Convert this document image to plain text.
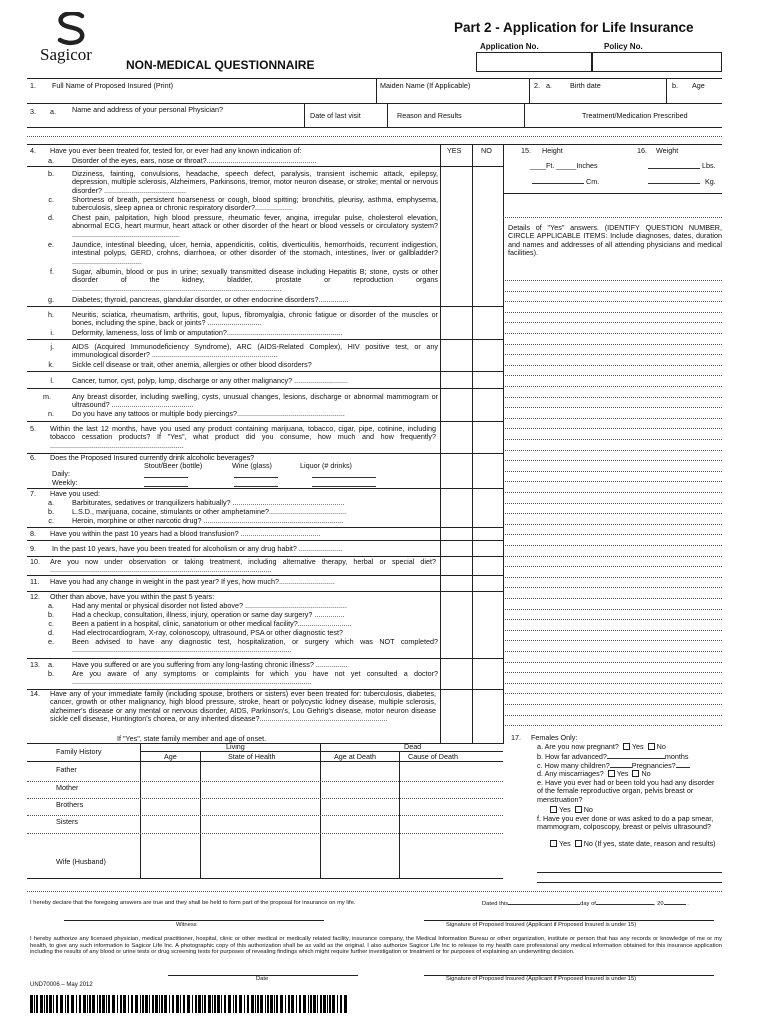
Sagicor
Part 2 - Application for Life Insurance
Application No.	Policy No.
NON-MEDICAL QUESTIONNAIRE
1. Full Name of Proposed Insured (Print)	Maiden Name (If Applicable)	2. a.	Birth date	b. Age
3. a. Name and address of your personal Physician?
Date of last visit	Reason and Results	Treatment/Medication Prescribed
YES	NO
4. Have you ever been treated for, tested for, or ever had any known indication of:
a.	Disorder of the eyes, ears, nose or throat?.......................................................
b.	Dizziness, fainting, convulsions, headache, speech defect, paralysis, transient ischemic attack, epilepsy, depression, multiple sclerosis, Alzheimers, Parkinsons, tremor, motor neuron disease, or stroke; mental or nervous disorder? .........................................
c.	Shortness of breath, persistent hoarseness or cough, blood spitting; bronchitis, pleurisy, asthma, emphysema, tuberculosis, sleep apnea or chronic respiratory disorder?...................
d.	Chest pain, palpitation, high blood pressure, rheumatic fever, angina, irregular pulse, cholesterol elevation, abnormal ECG, heart murmur, heart attack or other disorder of the heart or blood vessels or circulatory system? ......................................................
e.	Jaundice, intestinal bleeding, ulcer, hernia, appendicitis, colitis, diverticulitis, hemorrhoids, recurrent indigestion, intestinal polyps, GERD, crohns, diarrhoea, or other disorder of the stomach, intestines, liver or gallbladder? ...................................
f.	Sugar, albumin, blood or pus in urine; sexually transmitted disease including Hepatitis B; stone, cysts or other disorder of the kidney, bladder, prostate or reproduction organs .........................................................................................................
g.	Diabetes; thyroid, pancreas, glandular disorder, or other endocrine disorders?...............
h.	Neuritis, sciatica, rheumatism, arthritis, gout, lupus, fibromyalgia, chronic fatigue or disorder of the muscles or bones, including the spine, back or joints? ...........................
i.	Deformity, lameness, loss of limb or amputation?..........................................................
j.	AIDS (Acquired Immunodeficiency Syndrome), ARC (AIDS-Related Complex), HIV positive test, or any immunological disorder? ...............................................................
k.	Sickle cell disease or trait, other anemia, allergies or other blood disorders?
l.	Cancer, tumor, cyst, polyp, lump, discharge or any other malignancy? ...........................
m.	Any breast disorder, including swelling, cysts, unusual changes, lesions, discharge or abnormal mammogram or ultrasound? .........................................
n.	Do you have any tattoos or multiple body piercings?......................................................
15. Height	16. Weight
____Ft. _____Inches	Lbs.
Cm.	Kg.
Details of "Yes" answers. (IDENTIFY QUESTION NUMBER, CIRCLE APPLICABLE ITEMS: Include diagnoses, dates, duration and names and addresses of all attending physicians and medical facilities).
5. Within the last 12 months, have you used any product containing marijuana, tobacco, cigar, pipe, cotinine, including tobacco cessation products? If "Yes", what product did you consume, how much and how frequently? ...................................................................
6. Does the Proposed Insured currently drink alcoholic beverages?
7. Have you used:
a.	Barbiturates, sedatives or tranquilizers habitually? ........................................................
b.	L.S.D., marijuana, cocaine, stimulants or other amphetamine?.......................................
c.	Heroin, morphine or other narcotic drug? ......................................................................
8. Have you within the past 10 years had a blood transfusion? ........................................
9. In the past 10 years, have you been treated for alcoholism or any drug habit? ......................
10. Are you now under observation or taking treatment, including alternative therapy, herbal or special diet? ...............................................................................................................
11. Have you had any change in weight in the past year? If yes, how much?............................
12. Other than above, have you within the past 5 years:
a.	Had any mental or physical disorder not listed above? ...................................................
b.	Had a checkup, consultation, illness, injury, operation or same day surgery? ...............
c.	Been a patient in a hospital, clinic, sanatorium or other medical facility?...........................
d.	Had electrocardiogram, X-ray, colonoscopy, ultrasound, PSA or other diagnostic test?
e.	Been advised to have any diagnostic test, hospitalization, or surgery which was NOT completed? ..............................................................................................................
13.	a.	Have you suffered or are you suffering from any long-lasting chronic illness? ................
b.	Are you aware of any symptoms or complaints for which you have not yet consulted a doctor? ........................................................................................................................
Stout/Beer (bottle)	Wine (glass)	Liquor (# drinks)
Daily:
Weekly:
14. Have any of your immediate family (including spouse, brothers or sisters) ever been treated for: tuberculosis, diabetes, cancer, growth or other malignancy, high blood pressure, stroke, heart or polycystic kidney disease, multiple sclerosis, alzheimer's disease or any mental or nervous disorder, AIDS, Parkinson's, Lou Gehrig's disease, motor neuron disease sickle cell disease, Huntington's chorea, or any inherited disease?................................................................
If "Yes", state family member and age of onset.
Family History
Living
Age	State of Health
Dead
Age at Death	Cause of Death
Father
Mother
Brothers
Sisters
Wife (Husband)
17. Females Only:
a. Are you now pregnant? Yes No
b. How far advanced?	months
c. How many children?	Pregnancies?
d. Any miscarriages? Yes No
e. Have you ever had or been told you had any disorder of the female reproductive organ, pelvis breast or menstruation?
Yes No
f. Have you ever done or was asked to do a pap smear, mammogram, colposcopy, breast or pelvis ultrasound?
Yes No (If yes, state date, reason and results)
I hereby declare that the foregoing answers are true and they shall be held to form part of the proposal for insurance on my life.	Dated this	day of	, 20	.
Witness	Signature of Proposed Insured (Applicant if Proposed Insured is under 15)
I hereby authorize any licensed physician, medical practitioner, hospital, clinic or other medical or medically related facility, insurance company, the Medical Information Bureau or other organization, institute or person that has any records or knowledge of me or my health, to give any such information to Sagicor Life Inc. A photographic copy of this authorization shall be as valid as the original. I also authorize Sagicor Life Inc to release to my health care professional any medical information obtained for this insurance application including the results of any blood or urine tests or drug screening tests for purposes of revealing findings which might require further investigation or treatment or for purposes of explaining an underwriting decision.
Date	Signature of Proposed Insured (Applicant if Proposed Insured is under 15)
UND70006 – May 2012
